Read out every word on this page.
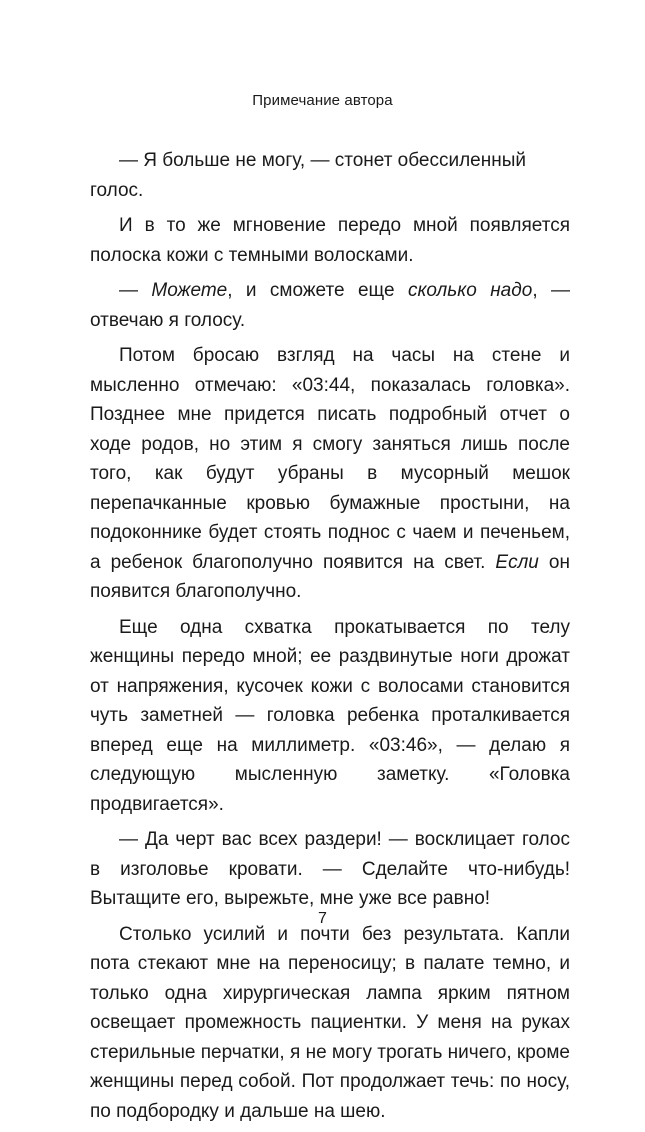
Примечание автора

— Я больше не могу, — стонет обессиленный голос.

И в то же мгновение передо мной появляется полоска кожи с темными волосками.

— Можете, и сможете еще сколько надо, — отвечаю я голосу.

Потом бросаю взгляд на часы на стене и мысленно отмечаю: «03:44, показалась головка». Позднее мне придется писать подробный отчет о ходе родов, но этим я смогу заняться лишь после того, как будут убраны в мусорный мешок перепачканные кровью бумажные простыни, на подоконнике будет стоять поднос с чаем и печеньем, а ребенок благополучно появится на свет. Если он появится благополучно.

Еще одна схватка прокатывается по телу женщины передо мной; ее раздвинутые ноги дрожат от напряжения, кусочек кожи с волосами становится чуть заметней — головка ребенка проталкивается вперед еще на миллиметр. «03:46», — делаю я следующую мысленную заметку. «Головка продвигается».

— Да черт вас всех раздери! — восклицает голос в изголовье кровати. — Сделайте что-нибудь! Вытащите его, вырежьте, мне уже все равно!

Столько усилий и почти без результата. Капли пота стекают мне на переносицу; в палате темно, и только одна хирургическая лампа ярким пятном освещает промежность пациентки. У меня на руках стерильные перчатки, я не могу трогать ничего, кроме женщины перед собой. Пот продолжает течь: по носу, по подбородку и дальше на шею.

7
